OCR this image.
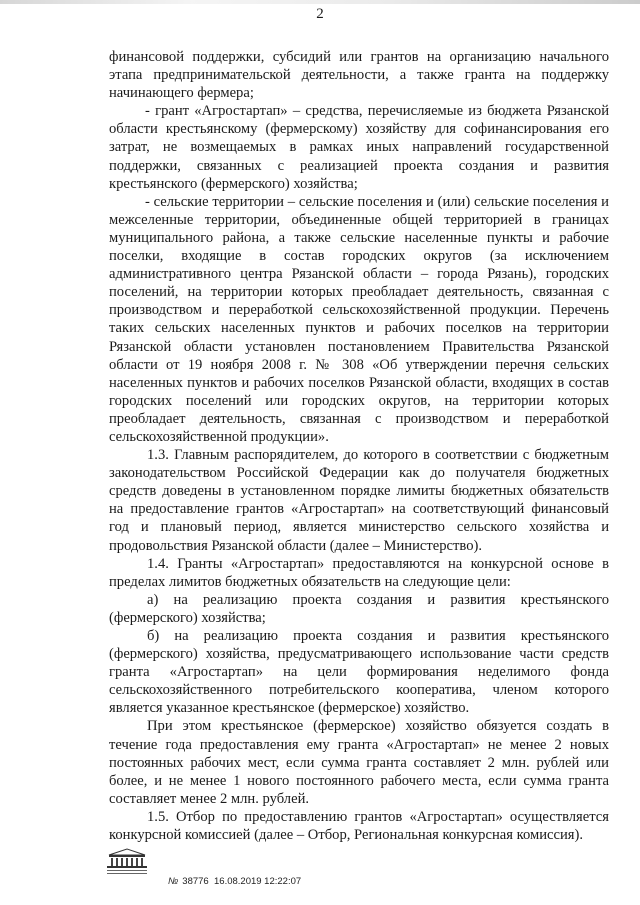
2

финансовой поддержки, субсидий или грантов на организацию начального этапа предпринимательской деятельности, а также гранта на поддержку начинающего фермера;

- грант «Агростартап» – средства, перечисляемые из бюджета Рязанской области крестьянскому (фермерскому) хозяйству для софинансирования его затрат, не возмещаемых в рамках иных направлений государственной поддержки, связанных с реализацией проекта создания и развития крестьянского (фермерского) хозяйства;

- сельские территории – сельские поселения и (или) сельские поселения и межселенные территории, объединенные общей территорией в границах муниципального района, а также сельские населенные пункты и рабочие поселки, входящие в состав городских округов (за исключением административного центра Рязанской области – города Рязань), городских поселений, на территории которых преобладает деятельность, связанная с производством и переработкой сельскохозяйственной продукции. Перечень таких сельских населенных пунктов и рабочих поселков на территории Рязанской области установлен постановлением Правительства Рязанской области от 19 ноября 2008 г. № 308 «Об утверждении перечня сельских населенных пунктов и рабочих поселков Рязанской области, входящих в состав городских поселений или городских округов, на территории которых преобладает деятельность, связанная с производством и переработкой сельскохозяйственной продукции».

1.3. Главным распорядителем, до которого в соответствии с бюджетным законодательством Российской Федерации как до получателя бюджетных средств доведены в установленном порядке лимиты бюджетных обязательств на предоставление грантов «Агростартап» на соответствующий финансовый год и плановый период, является министерство сельского хозяйства и продовольствия Рязанской области (далее – Министерство).

1.4. Гранты «Агростартап» предоставляются на конкурсной основе в пределах лимитов бюджетных обязательств на следующие цели:

а) на реализацию проекта создания и развития крестьянского (фермерского) хозяйства;

б) на реализацию проекта создания и развития крестьянского (фермерского) хозяйства, предусматривающего использование части средств гранта «Агростартап» на цели формирования неделимого фонда сельскохозяйственного потребительского кооператива, членом которого является указанное крестьянское (фермерское) хозяйство.

При этом крестьянское (фермерское) хозяйство обязуется создать в течение года предоставления ему гранта «Агростартап» не менее 2 новых постоянных рабочих мест, если сумма гранта составляет 2 млн. рублей или более, и не менее 1 нового постоянного рабочего места, если сумма гранта составляет менее 2 млн. рублей.

1.5. Отбор по предоставлению грантов «Агростартап» осуществляется конкурсной комиссией (далее – Отбор, Региональная конкурсная комиссия).

№ 38776 16.08.2019 12:22:07
